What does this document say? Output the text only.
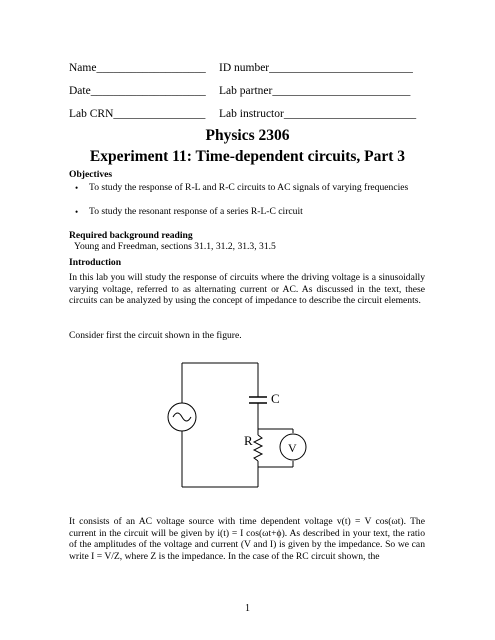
Name___________________ ID number_________________________
Date____________________ Lab partner________________________
Lab CRN________________ Lab instructor_______________________
Physics 2306
Experiment 11: Time-dependent circuits, Part 3
Objectives
• To study the response of R-L and R-C circuits to AC signals of varying frequencies
• To study the resonant response of a series R-L-C circuit
Required background reading
Young and Freedman, sections 31.1, 31.2, 31.3, 31.5
Introduction
In this lab you will study the response of circuits where the driving voltage is a sinusoidally varying voltage, referred to as alternating current or AC. As discussed in the text, these circuits can be analyzed by using the concept of impedance to describe the circuit elements.
Consider first the circuit shown in the figure.
C
R	V
It consists of an AC voltage source with time dependent voltage v(t) = V cos(ωt). The current in the circuit will be given by i(t) = I cos(ωt+ϕ). As described in your text, the ratio of the amplitudes of the voltage and current (V and I) is given by the impedance. So we can write I = V/Z, where Z is the impedance. In the case of the RC circuit shown, the
1
